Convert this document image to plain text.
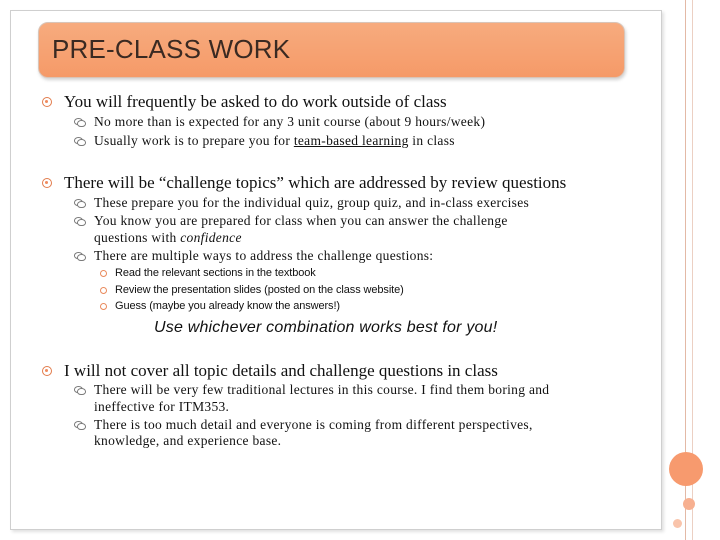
PRE-CLASS WORK
You will frequently be asked to do work outside of class
No more than is expected for any 3 unit course (about 9 hours/week)
Usually work is to prepare you for team-based learning in class
There will be “challenge topics” which are addressed by review questions
These prepare you for the individual quiz, group quiz, and in-class exercises
You know you are prepared for class when you can answer the challenge
questions with confidence
There are multiple ways to address the challenge questions:
Read the relevant sections in the textbook
Review the presentation slides (posted on the class website)
Guess (maybe you already know the answers!)
Use whichever combination works best for you!
I will not cover all topic details and challenge questions in class
There will be very few traditional lectures in this course. I find them boring and
ineffective for ITM353.
There is too much detail and everyone is coming from different perspectives,
knowledge, and experience base.
